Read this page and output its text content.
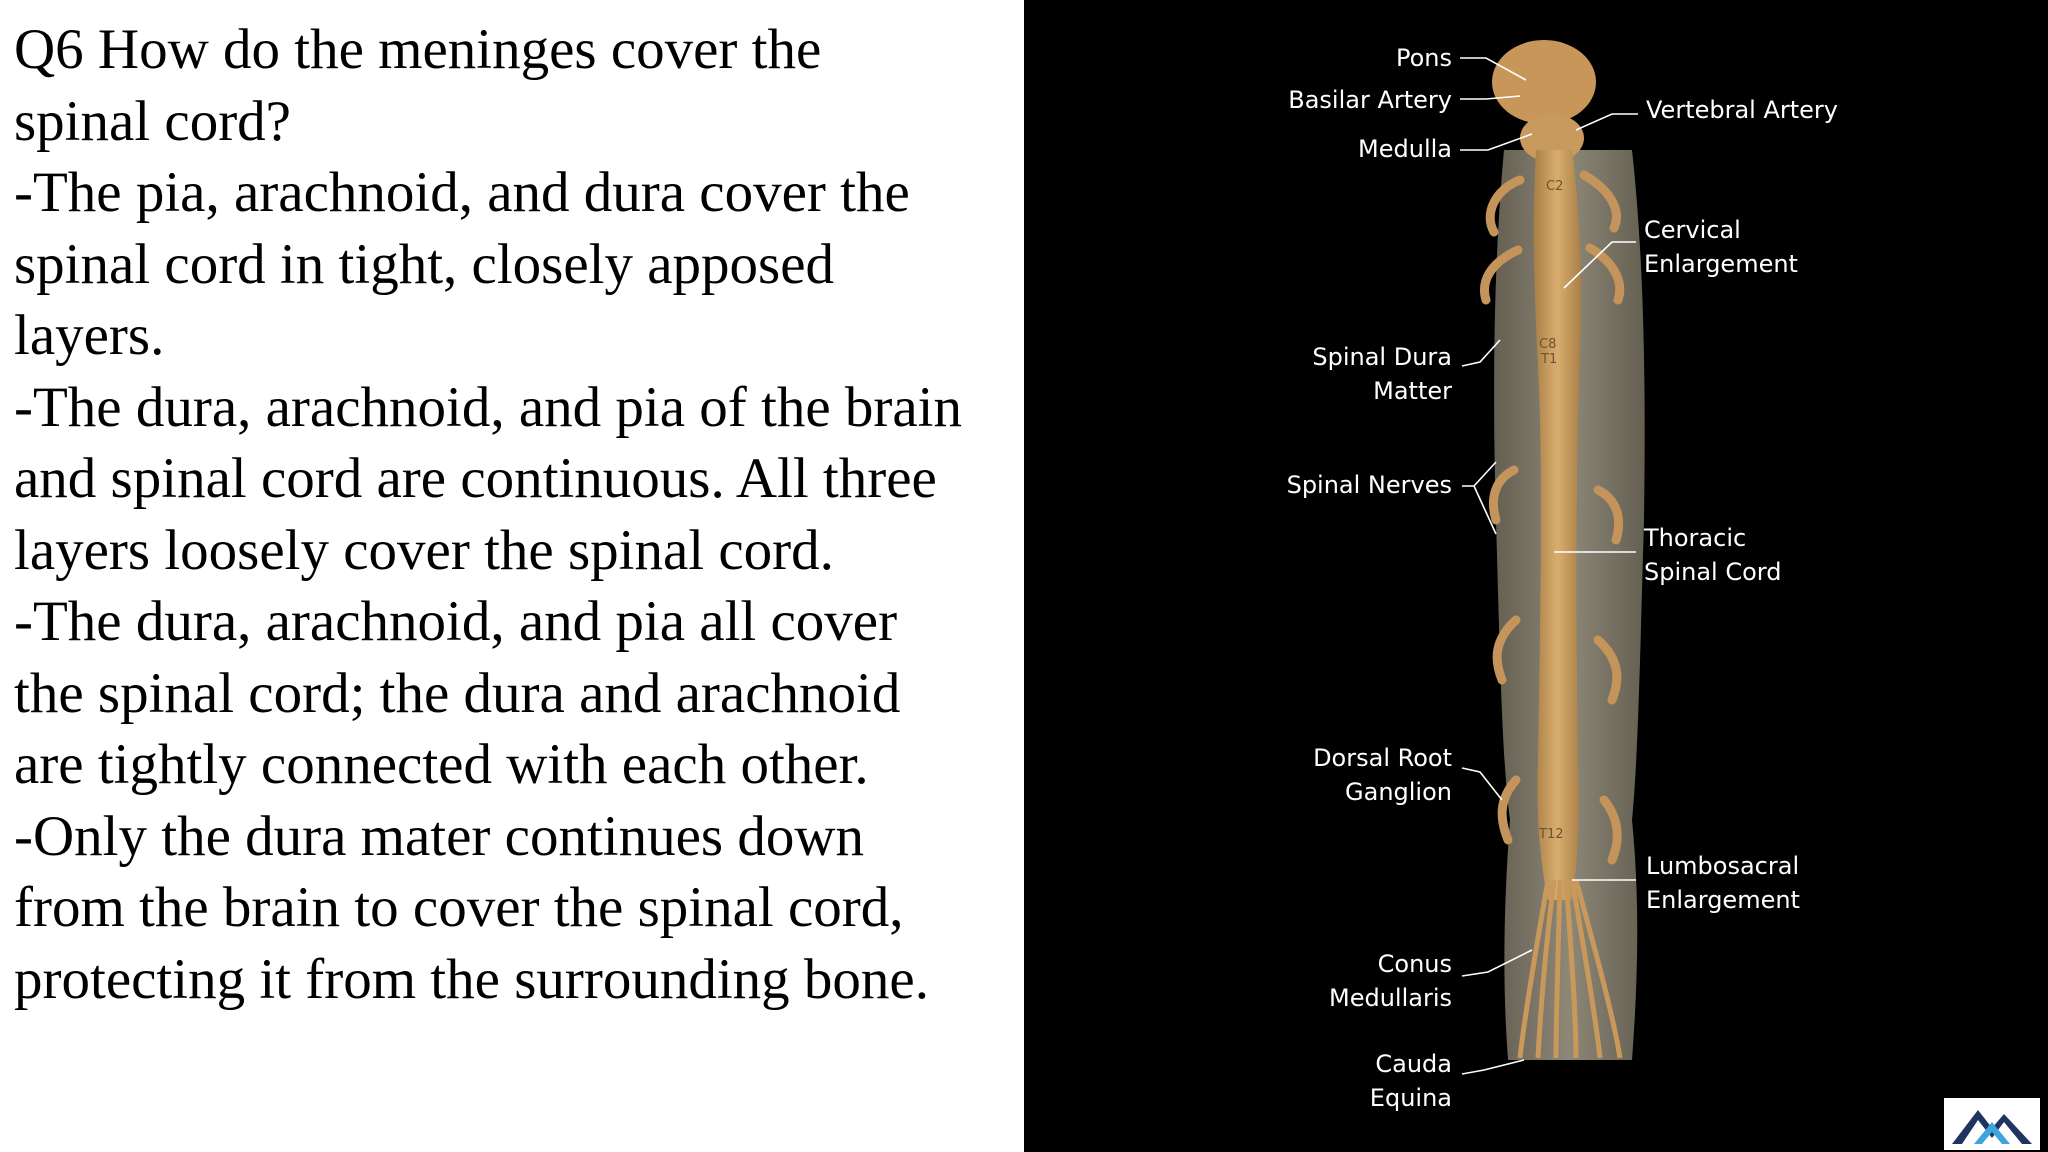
Q6 How do the meninges cover the
spinal cord?
-The pia, arachnoid, and dura cover the
spinal cord in tight, closely apposed
layers.
-The dura, arachnoid, and pia of the brain
and spinal cord are continuous. All three
layers loosely cover the spinal cord.
-The dura, arachnoid, and pia all cover
the spinal cord; the dura and arachnoid
are tightly connected with each other.
-Only the dura mater continues down
from the brain to cover the spinal cord,
protecting it from the surrounding bone.
C2
C8
T1
T12
Pons
Basilar Artery
Medulla
Spinal Dura
Matter
Spinal Nerves
Dorsal Root
Ganglion
Conus
Medullaris
Cauda
Equina
Vertebral Artery
Cervical
Enlargement
Thoracic
Spinal Cord
Lumbosacral
Enlargement
